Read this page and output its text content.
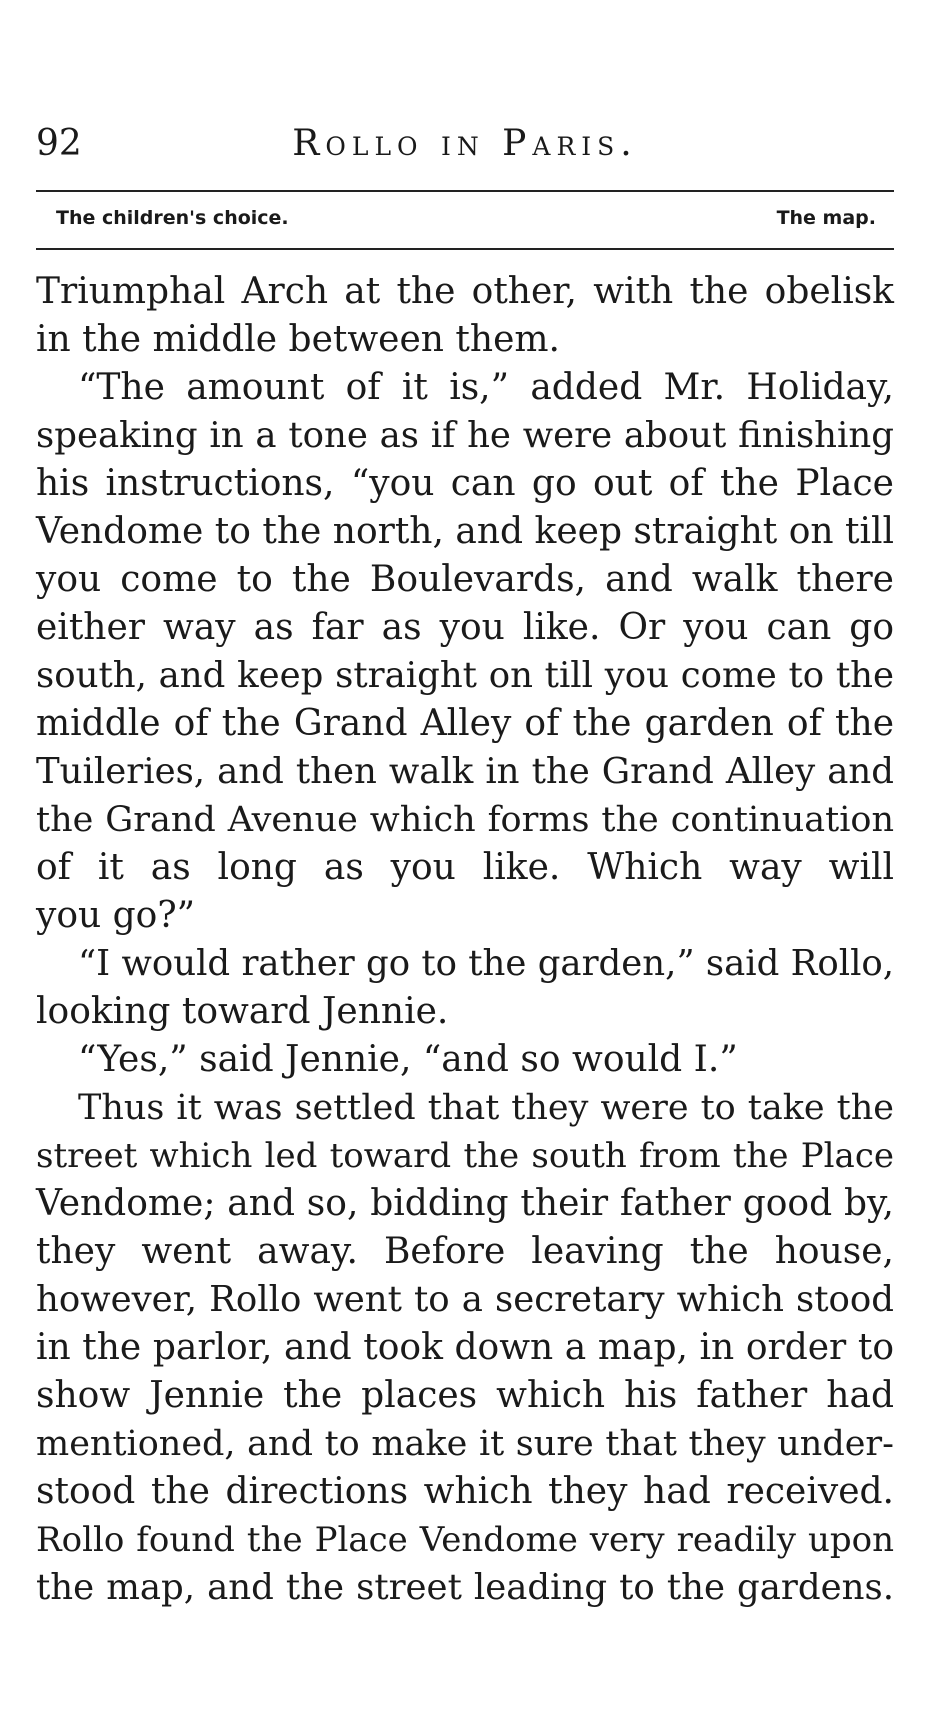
92	Rollo in Paris.
The children's choice.	The map.
Triumphal Arch at the other, with the obelisk
in the middle between them.
“The amount of it is,” added Mr. Holiday,
speaking in a tone as if he were about finishing
his instructions, “you can go out of the Place
Vendome to the north, and keep straight on till
you come to the Boulevards, and walk there
either way as far as you like. Or you can go
south, and keep straight on till you come to the
middle of the Grand Alley of the garden of the
Tuileries, and then walk in the Grand Alley and
the Grand Avenue which forms the continuation
of it as long as you like. Which way will
you go?”
“I would rather go to the garden,” said Rollo,
looking toward Jennie.
“Yes,” said Jennie, “and so would I.”
Thus it was settled that they were to take the
street which led toward the south from the Place
Vendome; and so, bidding their father good by,
they went away. Before leaving the house,
however, Rollo went to a secretary which stood
in the parlor, and took down a map, in order to
show Jennie the places which his father had
mentioned, and to make it sure that they under-
stood the directions which they had received.
Rollo found the Place Vendome very readily upon
the map, and the street leading to the gardens.
